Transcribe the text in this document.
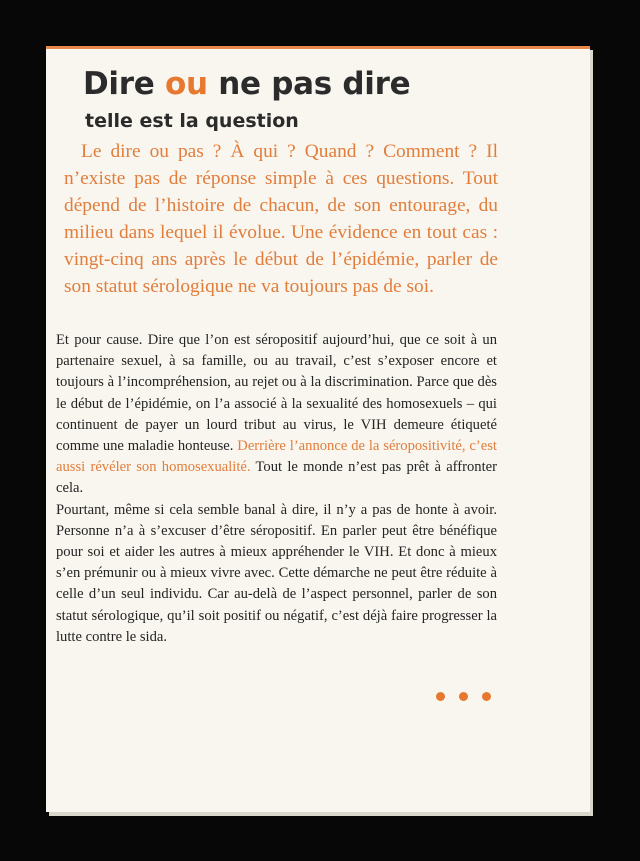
Dire ou ne pas dire
telle est la question

Le dire ou pas ? À qui ? Quand ? Comment ? Il n’existe pas de réponse simple à ces questions. Tout dépend de l’histoire de chacun, de son entourage, du milieu dans lequel il évolue. Une évidence en tout cas : vingt-cinq ans après le début de l’épidémie, parler de son statut sérologique ne va toujours pas de soi.

Et pour cause. Dire que l’on est séropositif aujourd’hui, que ce soit à un partenaire sexuel, à sa famille, ou au travail, c’est s’exposer encore et toujours à l’incompréhension, au rejet ou à la discrimination. Parce que dès le début de l’épidémie, on l’a associé à la sexualité des homosexuels – qui continuent de payer un lourd tribut au virus, le VIH demeure étiqueté comme une maladie honteuse. Derrière l’annonce de la séropositivité, c’est aussi révéler son homosexualité. Tout le monde n’est pas prêt à affronter cela.

Pourtant, même si cela semble banal à dire, il n’y a pas de honte à avoir. Personne n’a à s’excuser d’être séropositif. En parler peut être bénéfique pour soi et aider les autres à mieux appréhender le VIH. Et donc à mieux s’en prémunir ou à mieux vivre avec. Cette démarche ne peut être réduite à celle d’un seul individu. Car au-delà de l’aspect personnel, parler de son statut sérologique, qu’il soit positif ou négatif, c’est déjà faire progresser la lutte contre le sida.
